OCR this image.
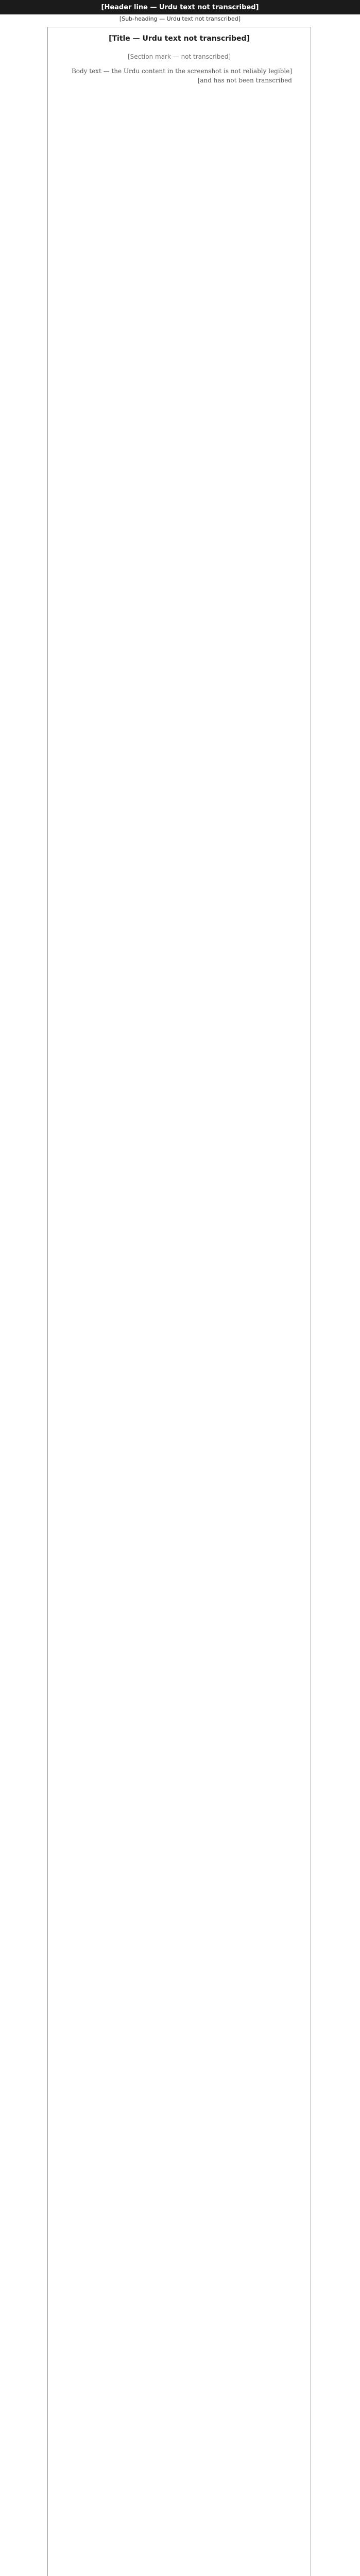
[Header line — Urdu text not transcribed]
[Sub-heading — Urdu text not transcribed]
[Title — Urdu text not transcribed]
[Section mark — not transcribed]

[Body text — the Urdu content in the screenshot is not reliably legible and has not been transcribed]
